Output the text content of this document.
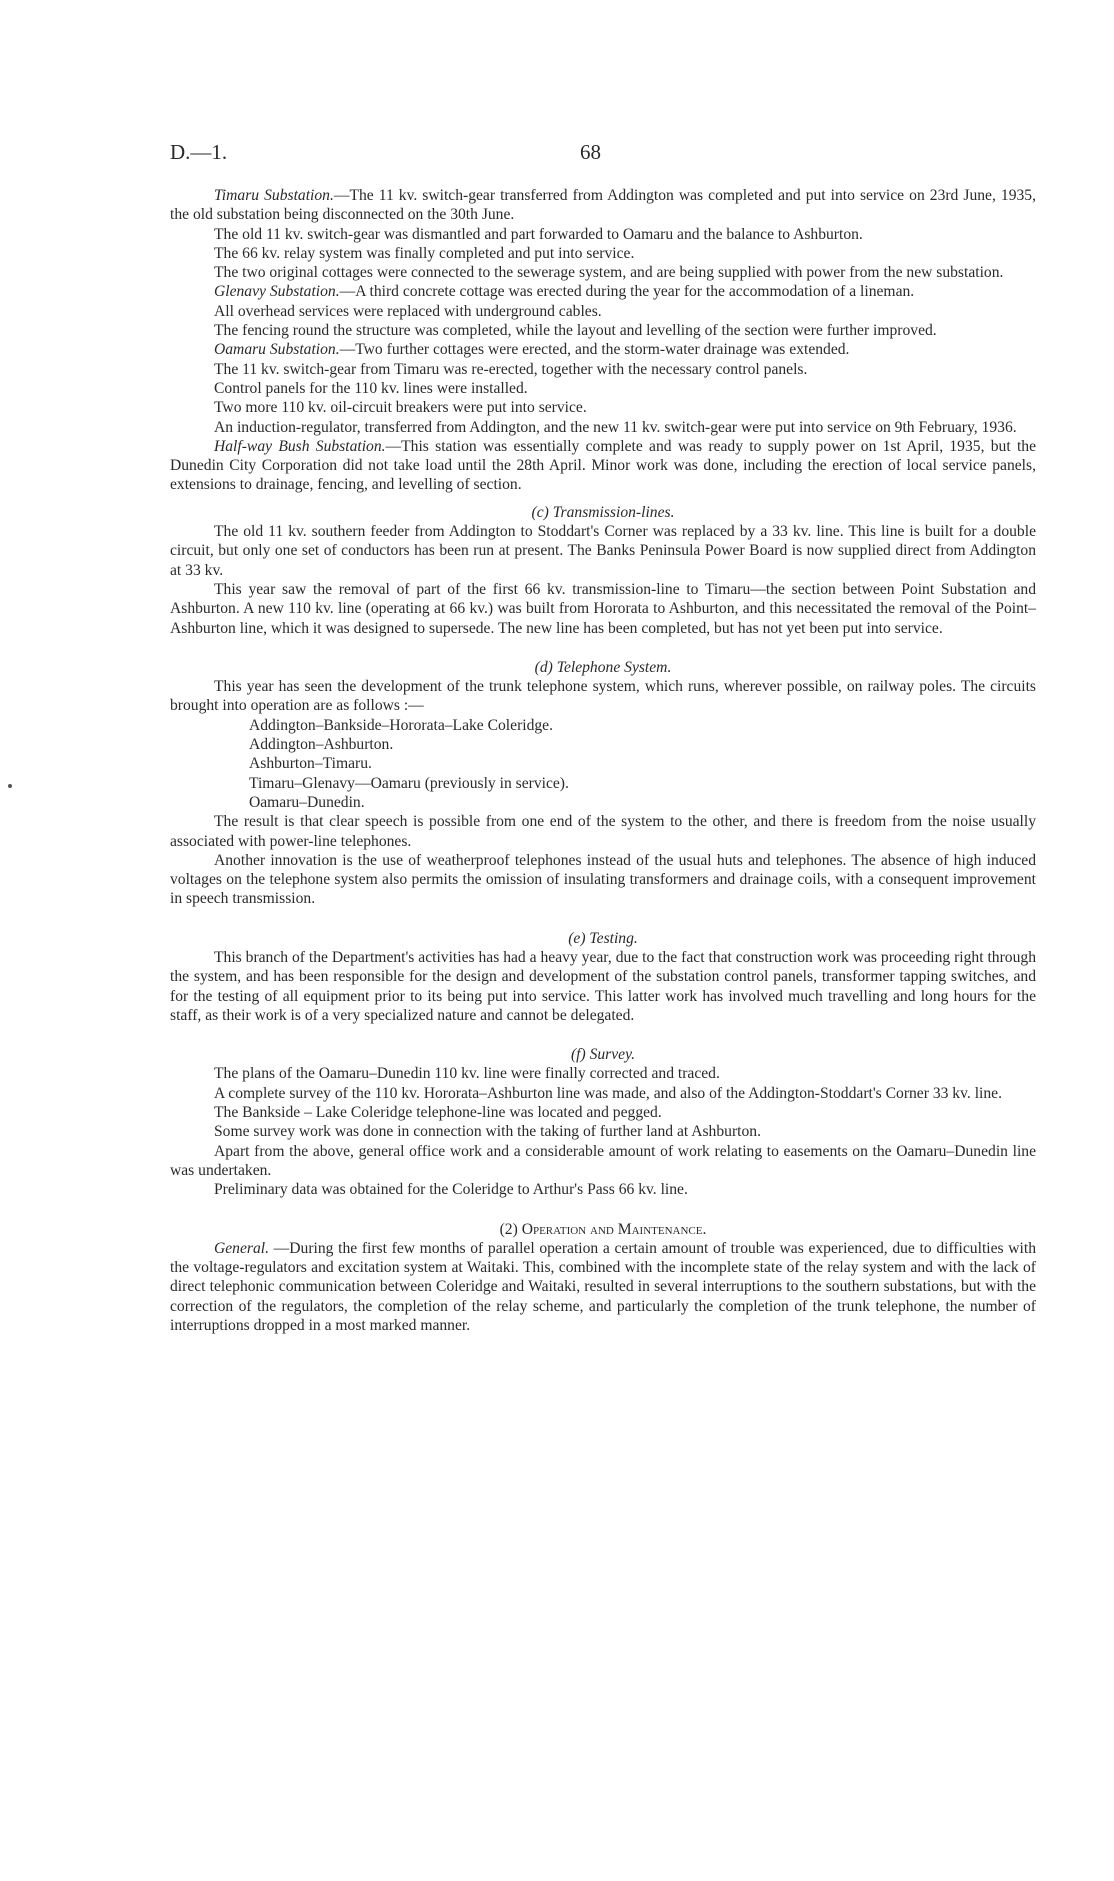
D.—1.	68

Timaru Substation.—The 11 kv. switch-gear transferred from Addington was completed and put into service on 23rd June, 1935, the old substation being disconnected on the 30th June.

The old 11 kv. switch-gear was dismantled and part forwarded to Oamaru and the balance to Ashburton.

The 66 kv. relay system was finally completed and put into service.

The two original cottages were connected to the sewerage system, and are being supplied with power from the new substation.

Glenavy Substation.—A third concrete cottage was erected during the year for the accommodation of a lineman.

All overhead services were replaced with underground cables.

The fencing round the structure was completed, while the layout and levelling of the section were further improved.

Oamaru Substation.—Two further cottages were erected, and the storm-water drainage was extended.

The 11 kv. switch-gear from Timaru was re-erected, together with the necessary control panels.

Control panels for the 110 kv. lines were installed.

Two more 110 kv. oil-circuit breakers were put into service.

An induction-regulator, transferred from Addington, and the new 11 kv. switch-gear were put into service on 9th February, 1936.

Half-way Bush Substation.—This station was essentially complete and was ready to supply power on 1st April, 1935, but the Dunedin City Corporation did not take load until the 28th April. Minor work was done, including the erection of local service panels, extensions to drainage, fencing, and levelling of section.

(c) Transmission-lines.

The old 11 kv. southern feeder from Addington to Stoddart's Corner was replaced by a 33 kv. line. This line is built for a double circuit, but only one set of conductors has been run at present. The Banks Peninsula Power Board is now supplied direct from Addington at 33 kv.

This year saw the removal of part of the first 66 kv. transmission-line to Timaru—the section between Point Substation and Ashburton. A new 110 kv. line (operating at 66 kv.) was built from Hororata to Ashburton, and this necessitated the removal of the Point–Ashburton line, which it was designed to supersede. The new line has been completed, but has not yet been put into service.

(d) Telephone System.

This year has seen the development of the trunk telephone system, which runs, wherever possible, on railway poles. The circuits brought into operation are as follows :—

Addington–Bankside–Hororata–Lake Coleridge.
Addington–Ashburton.
Ashburton–Timaru.
Timaru–Glenavy—Oamaru (previously in service).
Oamaru–Dunedin.

The result is that clear speech is possible from one end of the system to the other, and there is freedom from the noise usually associated with power-line telephones.

Another innovation is the use of weatherproof telephones instead of the usual huts and telephones. The absence of high induced voltages on the telephone system also permits the omission of insulating transformers and drainage coils, with a consequent improvement in speech transmission.

(e) Testing.

This branch of the Department's activities has had a heavy year, due to the fact that construction work was proceeding right through the system, and has been responsible for the design and development of the substation control panels, transformer tapping switches, and for the testing of all equipment prior to its being put into service. This latter work has involved much travelling and long hours for the staff, as their work is of a very specialized nature and cannot be delegated.

(f) Survey.

The plans of the Oamaru–Dunedin 110 kv. line were finally corrected and traced.

A complete survey of the 110 kv. Hororata–Ashburton line was made, and also of the Addington-Stoddart's Corner 33 kv. line.

The Bankside – Lake Coleridge telephone-line was located and pegged.

Some survey work was done in connection with the taking of further land at Ashburton.

Apart from the above, general office work and a considerable amount of work relating to easements on the Oamaru–Dunedin line was undertaken.

Preliminary data was obtained for the Coleridge to Arthur's Pass 66 kv. line.

(2) Operation and Maintenance.

General. —During the first few months of parallel operation a certain amount of trouble was experienced, due to difficulties with the voltage-regulators and excitation system at Waitaki. This, combined with the incomplete state of the relay system and with the lack of direct telephonic communication between Coleridge and Waitaki, resulted in several interruptions to the southern substations, but with the correction of the regulators, the completion of the relay scheme, and particularly the completion of the trunk telephone, the number of interruptions dropped in a most marked manner.
